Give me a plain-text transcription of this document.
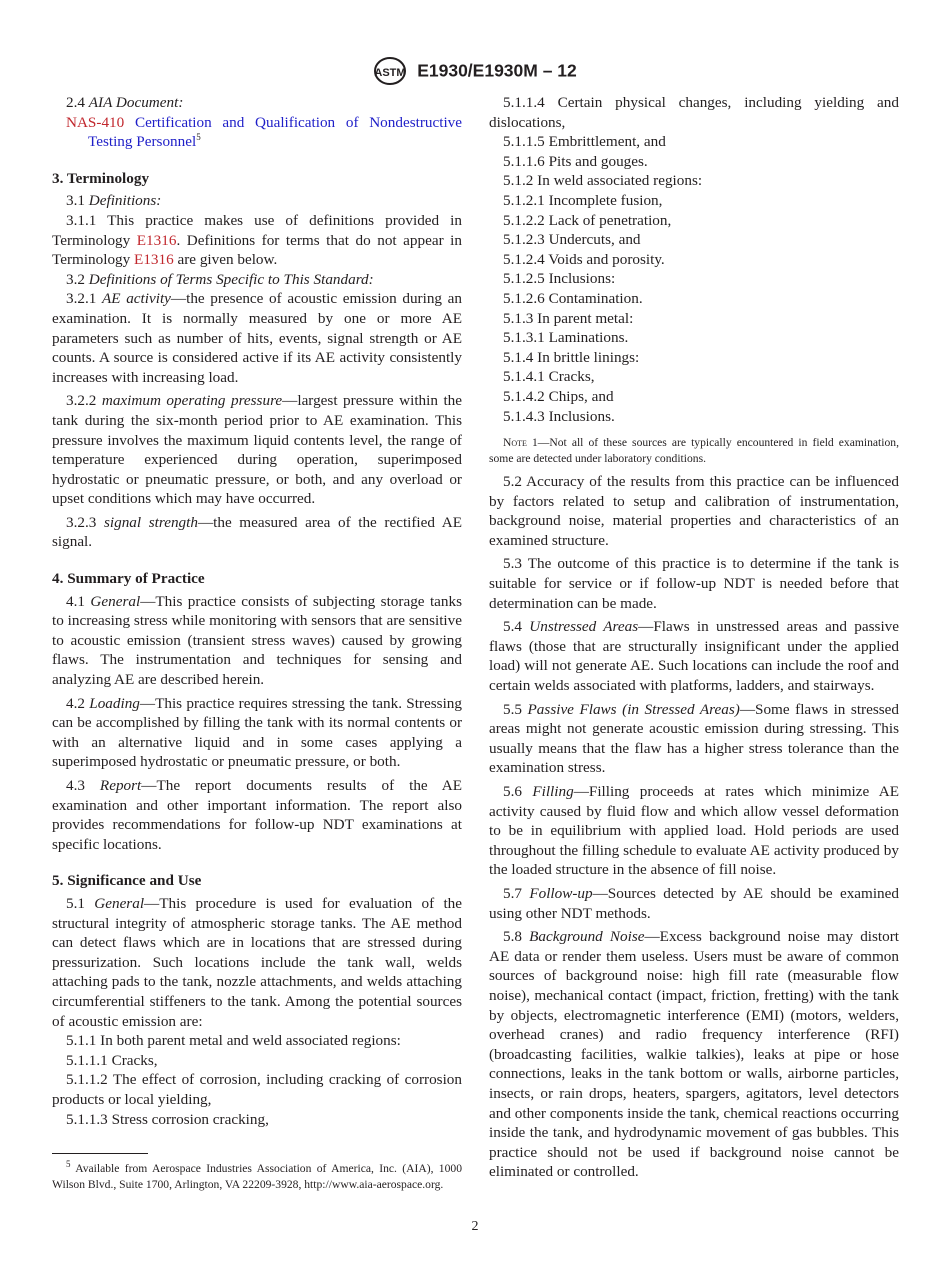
ASTM E1930/E1930M – 12
2.4 AIA Document:
NAS-410 Certification and Qualification of Nondestructive Testing Personnel$^5$
3. Terminology
3.1 Definitions:
3.1.1 This practice makes use of definitions provided in Terminology E1316. Definitions for terms that do not appear in Terminology E1316 are given below.
3.2 Definitions of Terms Specific to This Standard:
3.2.1 AE activity—the presence of acoustic emission during an examination. It is normally measured by one or more AE parameters such as number of hits, events, signal strength or AE counts. A source is considered active if its AE activity consistently increases with increasing load.
3.2.2 maximum operating pressure—largest pressure within the tank during the six-month period prior to AE examination. This pressure involves the maximum liquid contents level, the range of temperature experienced during operation, superimposed hydrostatic or pneumatic pressure, or both, and any overload or upset conditions which may have occurred.
3.2.3 signal strength—the measured area of the rectified AE signal.
4. Summary of Practice
4.1 General—This practice consists of subjecting storage tanks to increasing stress while monitoring with sensors that are sensitive to acoustic emission (transient stress waves) caused by growing flaws. The instrumentation and techniques for sensing and analyzing AE are described herein.
4.2 Loading—This practice requires stressing the tank. Stressing can be accomplished by filling the tank with its normal contents or with an alternative liquid and in some cases applying a superimposed hydrostatic or pneumatic pressure, or both.
4.3 Report—The report documents results of the AE examination and other important information. The report also provides recommendations for follow-up NDT examinations at specific locations.
5. Significance and Use
5.1 General—This procedure is used for evaluation of the structural integrity of atmospheric storage tanks. The AE method can detect flaws which are in locations that are stressed during pressurization. Such locations include the tank wall, welds attaching pads to the tank, nozzle attachments, and welds attaching circumferential stiffeners to the tank. Among the potential sources of acoustic emission are:
5.1.1 In both parent metal and weld associated regions:
5.1.1.1 Cracks,
5.1.1.2 The effect of corrosion, including cracking of corrosion products or local yielding,
5.1.1.3 Stress corrosion cracking,
5.1.1.4 Certain physical changes, including yielding and dislocations,
5.1.1.5 Embrittlement, and
5.1.1.6 Pits and gouges.
5.1.2 In weld associated regions:
5.1.2.1 Incomplete fusion,
5.1.2.2 Lack of penetration,
5.1.2.3 Undercuts, and
5.1.2.4 Voids and porosity.
5.1.2.5 Inclusions:
5.1.2.6 Contamination.
5.1.3 In parent metal:
5.1.3.1 Laminations.
5.1.4 In brittle linings:
5.1.4.1 Cracks,
5.1.4.2 Chips, and
5.1.4.3 Inclusions.
Note 1—Not all of these sources are typically encountered in field examination, some are detected under laboratory conditions.
5.2 Accuracy of the results from this practice can be influenced by factors related to setup and calibration of instrumentation, background noise, material properties and characteristics of an examined structure.
5.3 The outcome of this practice is to determine if the tank is suitable for service or if follow-up NDT is needed before that determination can be made.
5.4 Unstressed Areas—Flaws in unstressed areas and passive flaws (those that are structurally insignificant under the applied load) will not generate AE. Such locations can include the roof and certain welds associated with platforms, ladders, and stairways.
5.5 Passive Flaws (in Stressed Areas)—Some flaws in stressed areas might not generate acoustic emission during stressing. This usually means that the flaw has a higher stress tolerance than the examination stress.
5.6 Filling—Filling proceeds at rates which minimize AE activity caused by fluid flow and which allow vessel deformation to be in equilibrium with applied load. Hold periods are used throughout the filling schedule to evaluate AE activity produced by the loaded structure in the absence of fill noise.
5.7 Follow-up—Sources detected by AE should be examined using other NDT methods.
5.8 Background Noise—Excess background noise may distort AE data or render them useless. Users must be aware of common sources of background noise: high fill rate (measurable flow noise), mechanical contact (impact, friction, fretting) with the tank by objects, electromagnetic interference (EMI) (motors, welders, overhead cranes) and radio frequency interference (RFI) (broadcasting facilities, walkie talkies), leaks at pipe or hose connections, leaks in the tank bottom or walls, airborne particles, insects, or rain drops, heaters, spargers, agitators, level detectors and other components inside the tank, chemical reactions occurring inside the tank, and hydrodynamic movement of gas bubbles. This practice should not be used if background noise cannot be eliminated or controlled.
$^5$ Available from Aerospace Industries Association of America, Inc. (AIA), 1000 Wilson Blvd., Suite 1700, Arlington, VA 22209-3928, http://www.aia-aerospace.org.
2
